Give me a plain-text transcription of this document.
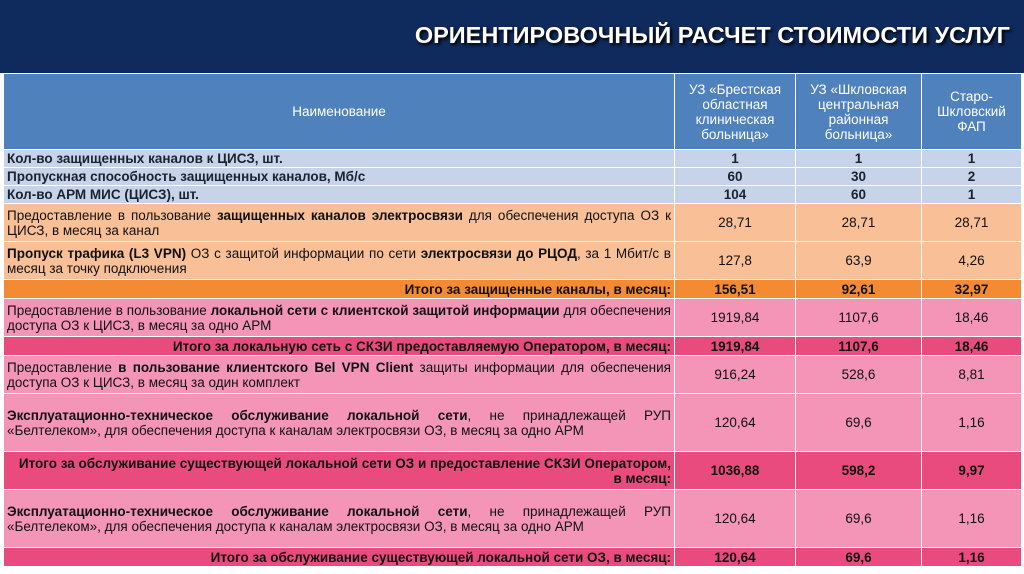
ОРИЕНТИРОВОЧНЫЙ РАСЧЕТ СТОИМОСТИ УСЛУГ
Наименование	УЗ «Брестская областная клиническая больница»	УЗ «Шкловская центральная районная больница»	Старо-Шкловский ФАП
Кол-во защищенных каналов к ЦИСЗ, шт.	1	1	1
Пропускная способность защищенных каналов, Мб/с	60	30	2
Кол-во АРМ МИС (ЦИСЗ), шт.	104	60	1
Предоставление в пользование защищенных каналов электросвязи для обеспечения доступа ОЗ к ЦИСЗ, в месяц за канал	28,71	28,71	28,71
Пропуск трафика (L3 VPN) ОЗ с защитой информации по сети электросвязи до РЦОД, за 1 Мбит/с в месяц за точку подключения	127,8	63,9	4,26
Итого за защищенные каналы, в месяц:	156,51	92,61	32,97
Предоставление в пользование локальной сети с клиентской защитой информации для обеспечения доступа ОЗ к ЦИСЗ, в месяц за одно АРМ	1919,84	1107,6	18,46
Итого за локальную сеть с СКЗИ предоставляемую Оператором, в месяц:	1919,84	1107,6	18,46
Предоставление в пользование клиентского Bel VPN Client защиты информации для обеспечения доступа ОЗ к ЦИСЗ, в месяц за один комплект	916,24	528,6	8,81
Эксплуатационно-техническое обслуживание локальной сети, не принадлежащей РУП «Белтелеком», для обеспечения доступа к каналам электросвязи ОЗ, в месяц за одно АРМ	120,64	69,6	1,16
Итого за обслуживание существующей локальной сети ОЗ и предоставление СКЗИ Оператором, в месяц:	1036,88	598,2	9,97
Эксплуатационно-техническое обслуживание локальной сети, не принадлежащей РУП «Белтелеком», для обеспечения доступа к каналам электросвязи ОЗ, в месяц за одно АРМ	120,64	69,6	1,16
Итого за обслуживание существующей локальной сети ОЗ, в месяц:	120,64	69,6	1,16
